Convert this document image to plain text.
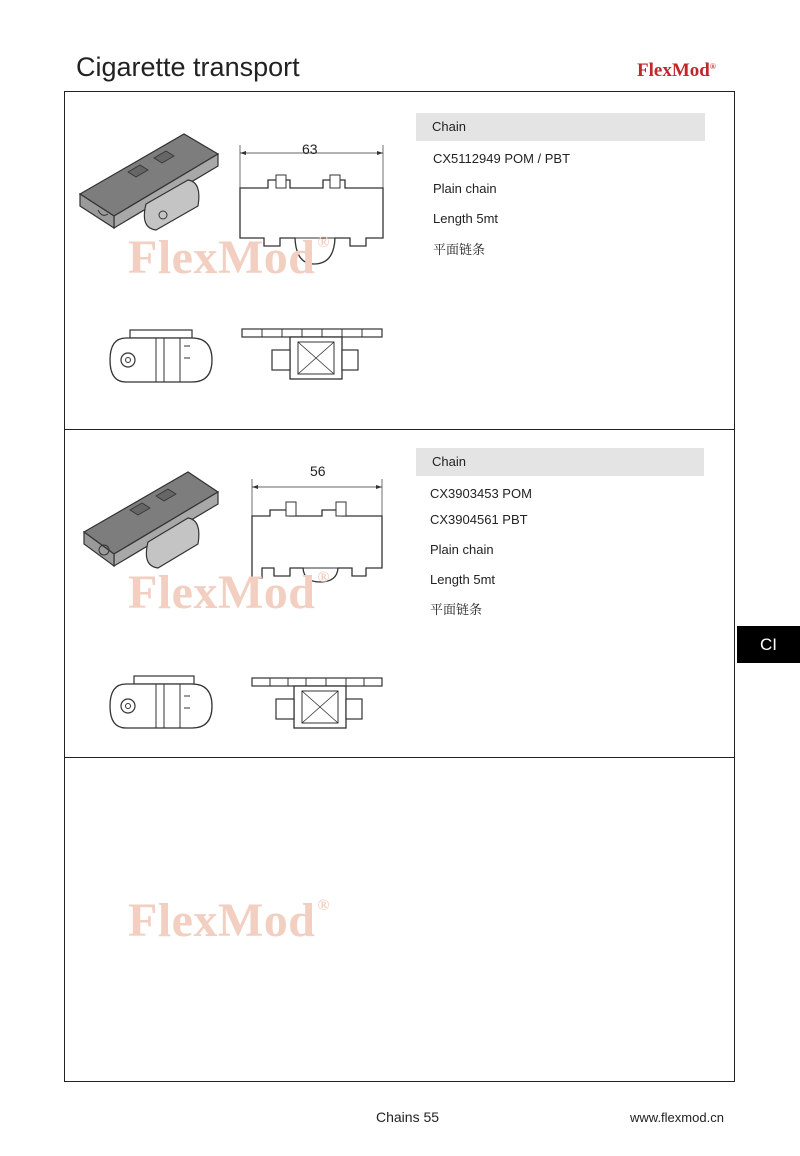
Cigarette transport	FlexMod®
63
FlexMod ®
Chain
CX5112949 POM / PBT
Plain chain
Length 5mt
平面链条
56
FlexMod ®
Chain
CX3903453 POM
CX3904561 PBT
Plain chain
Length 5mt
平面链条
FlexMod ®
CI
Chains 55	www.flexmod.cn
